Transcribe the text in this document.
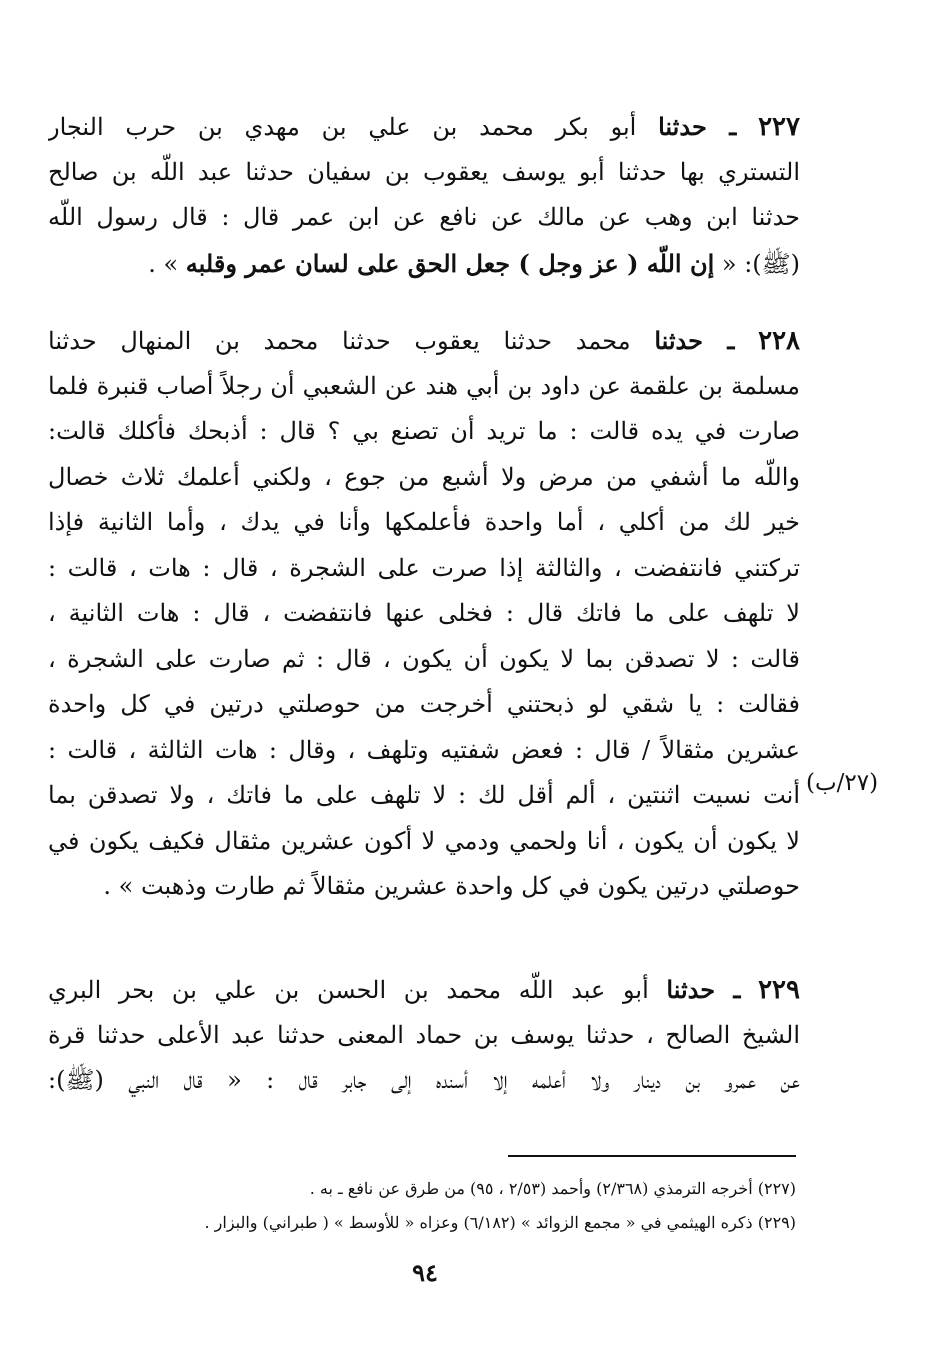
٢٢٧ ـ حدثنا أبو بكر محمد بن علي بن مهدي بن حرب النجار
التستري بها حدثنا أبو يوسف يعقوب بن سفيان حدثنا عبد اللّه بن صالح
حدثنا ابن وهب عن مالك عن نافع عن ابن عمر قال : قال رسول اللّه
(ﷺ): « إن اللّه ( عز وجل ) جعل الحق على لسان عمر وقلبه » .
٢٢٨ ـ حدثنا محمد حدثنا يعقوب حدثنا محمد بن المنهال حدثنا
مسلمة بن علقمة عن داود بن أبي هند عن الشعبي أن رجلاً أصاب قنبرة فلما
صارت في يده قالت : ما تريد أن تصنع بي ؟ قال : أذبحك فأكلك قالت:
واللّه ما أشفي من مرض ولا أشبع من جوع ، ولكني أعلمك ثلاث خصال
خير لك من أكلي ، أما واحدة فأعلمكها وأنا في يدك ، وأما الثانية فإذا
تركتني فانتفضت ، والثالثة إذا صرت على الشجرة ، قال : هات ، قالت :
لا تلهف على ما فاتك قال : فخلى عنها فانتفضت ، قال : هات الثانية ،
قالت : لا تصدقن بما لا يكون أن يكون ، قال : ثم صارت على الشجرة ،
فقالت : يا شقي لو ذبحتني أخرجت من حوصلتي درتين في كل واحدة
عشرين مثقالاً / قال : فعض شفتيه وتلهف ، وقال : هات الثالثة ، قالت :
أنت نسيت اثنتين ، ألم أقل لك : لا تلهف على ما فاتك ، ولا تصدقن بما
لا يكون أن يكون ، أنا ولحمي ودمي لا أكون عشرين مثقال فكيف يكون في
حوصلتي درتين يكون في كل واحدة عشرين مثقالاً ثم طارت وذهبت » .
(٢٧/ب)
٢٢٩ ـ حدثنا أبو عبد اللّه محمد بن الحسن بن علي بن بحر البري
الشيخ الصالح ، حدثنا يوسف بن حماد المعنى حدثنا عبد الأعلى حدثنا قرة
عن عمرو بن دينار ولا أعلمه إلا أسنده إلى جابر قال : « قال النبي (ﷺ):
(٢٢٧) أخرجه الترمذي (٢/٣٦٨) وأحمد (٢/٥٣ ، ٩٥) من طرق عن نافع ـ به .
(٢٢٩) ذكره الهيثمي في « مجمع الزوائد » (٦/١٨٢) وعزاه « للأوسط » ( طبراني) والبزار .
٩٤
